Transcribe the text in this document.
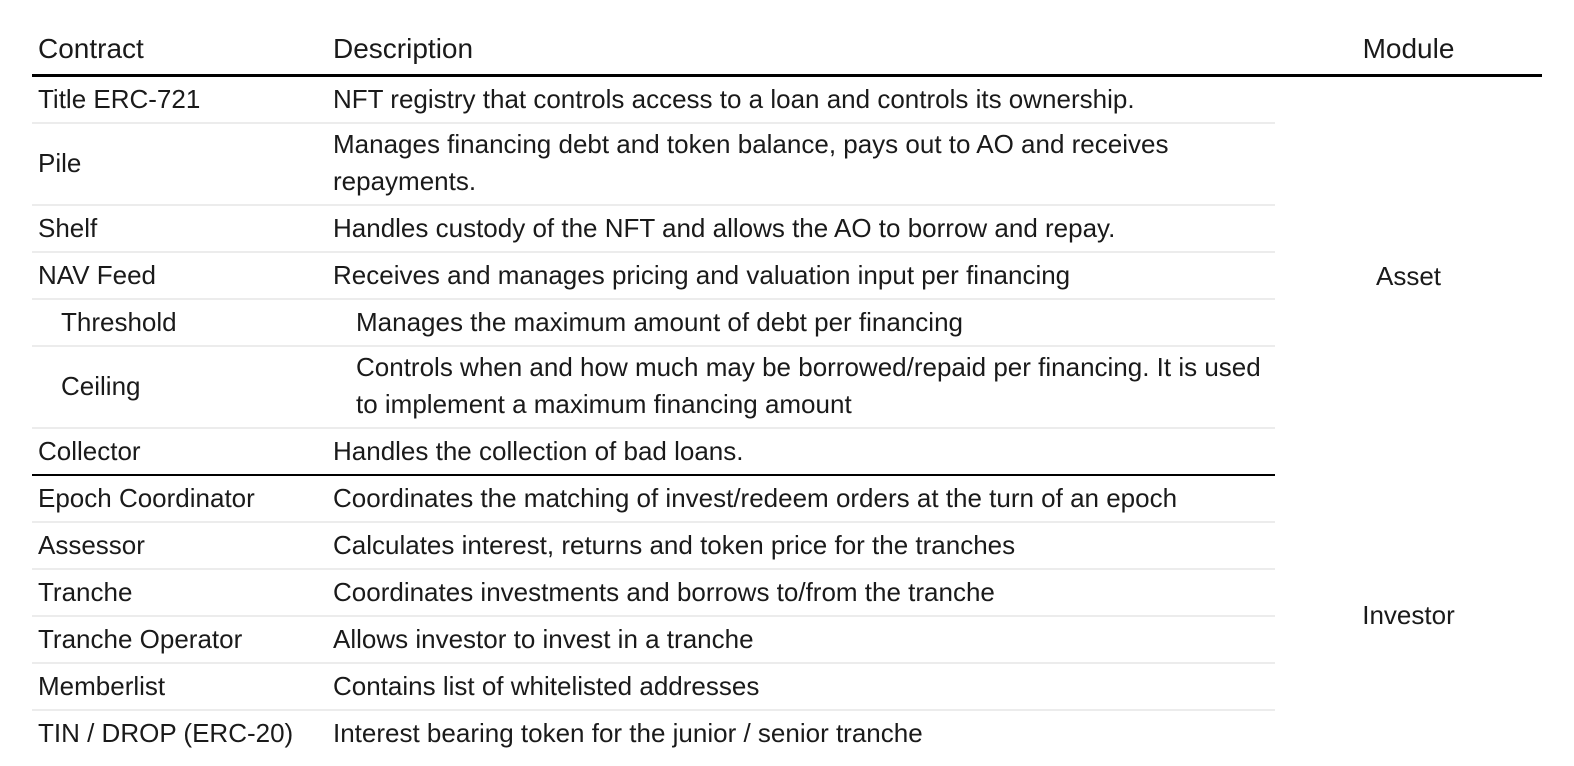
Contract	Description	Module
Title ERC-721	NFT registry that controls access to a loan and controls its ownership.	Asset
Pile	Manages financing debt and token balance, pays out to AO and receives repayments.	
Shelf	Handles custody of the NFT and allows the AO to borrow and repay.	
NAV Feed	Receives and manages pricing and valuation input per financing	
Threshold	Manages the maximum amount of debt per financing	
Ceiling	Controls when and how much may be borrowed/repaid per financing. It is used to implement a maximum financing amount	
Collector	Handles the collection of bad loans.	
Epoch Coordinator	Coordinates the matching of invest/redeem orders at the turn of an epoch	Investor
Assessor	Calculates interest, returns and token price for the tranches	
Tranche	Coordinates investments and borrows to/from the tranche	
Tranche Operator	Allows investor to invest in a tranche	
Memberlist	Contains list of whitelisted addresses	
TIN / DROP (ERC-20)	Interest bearing token for the junior / senior tranche	
